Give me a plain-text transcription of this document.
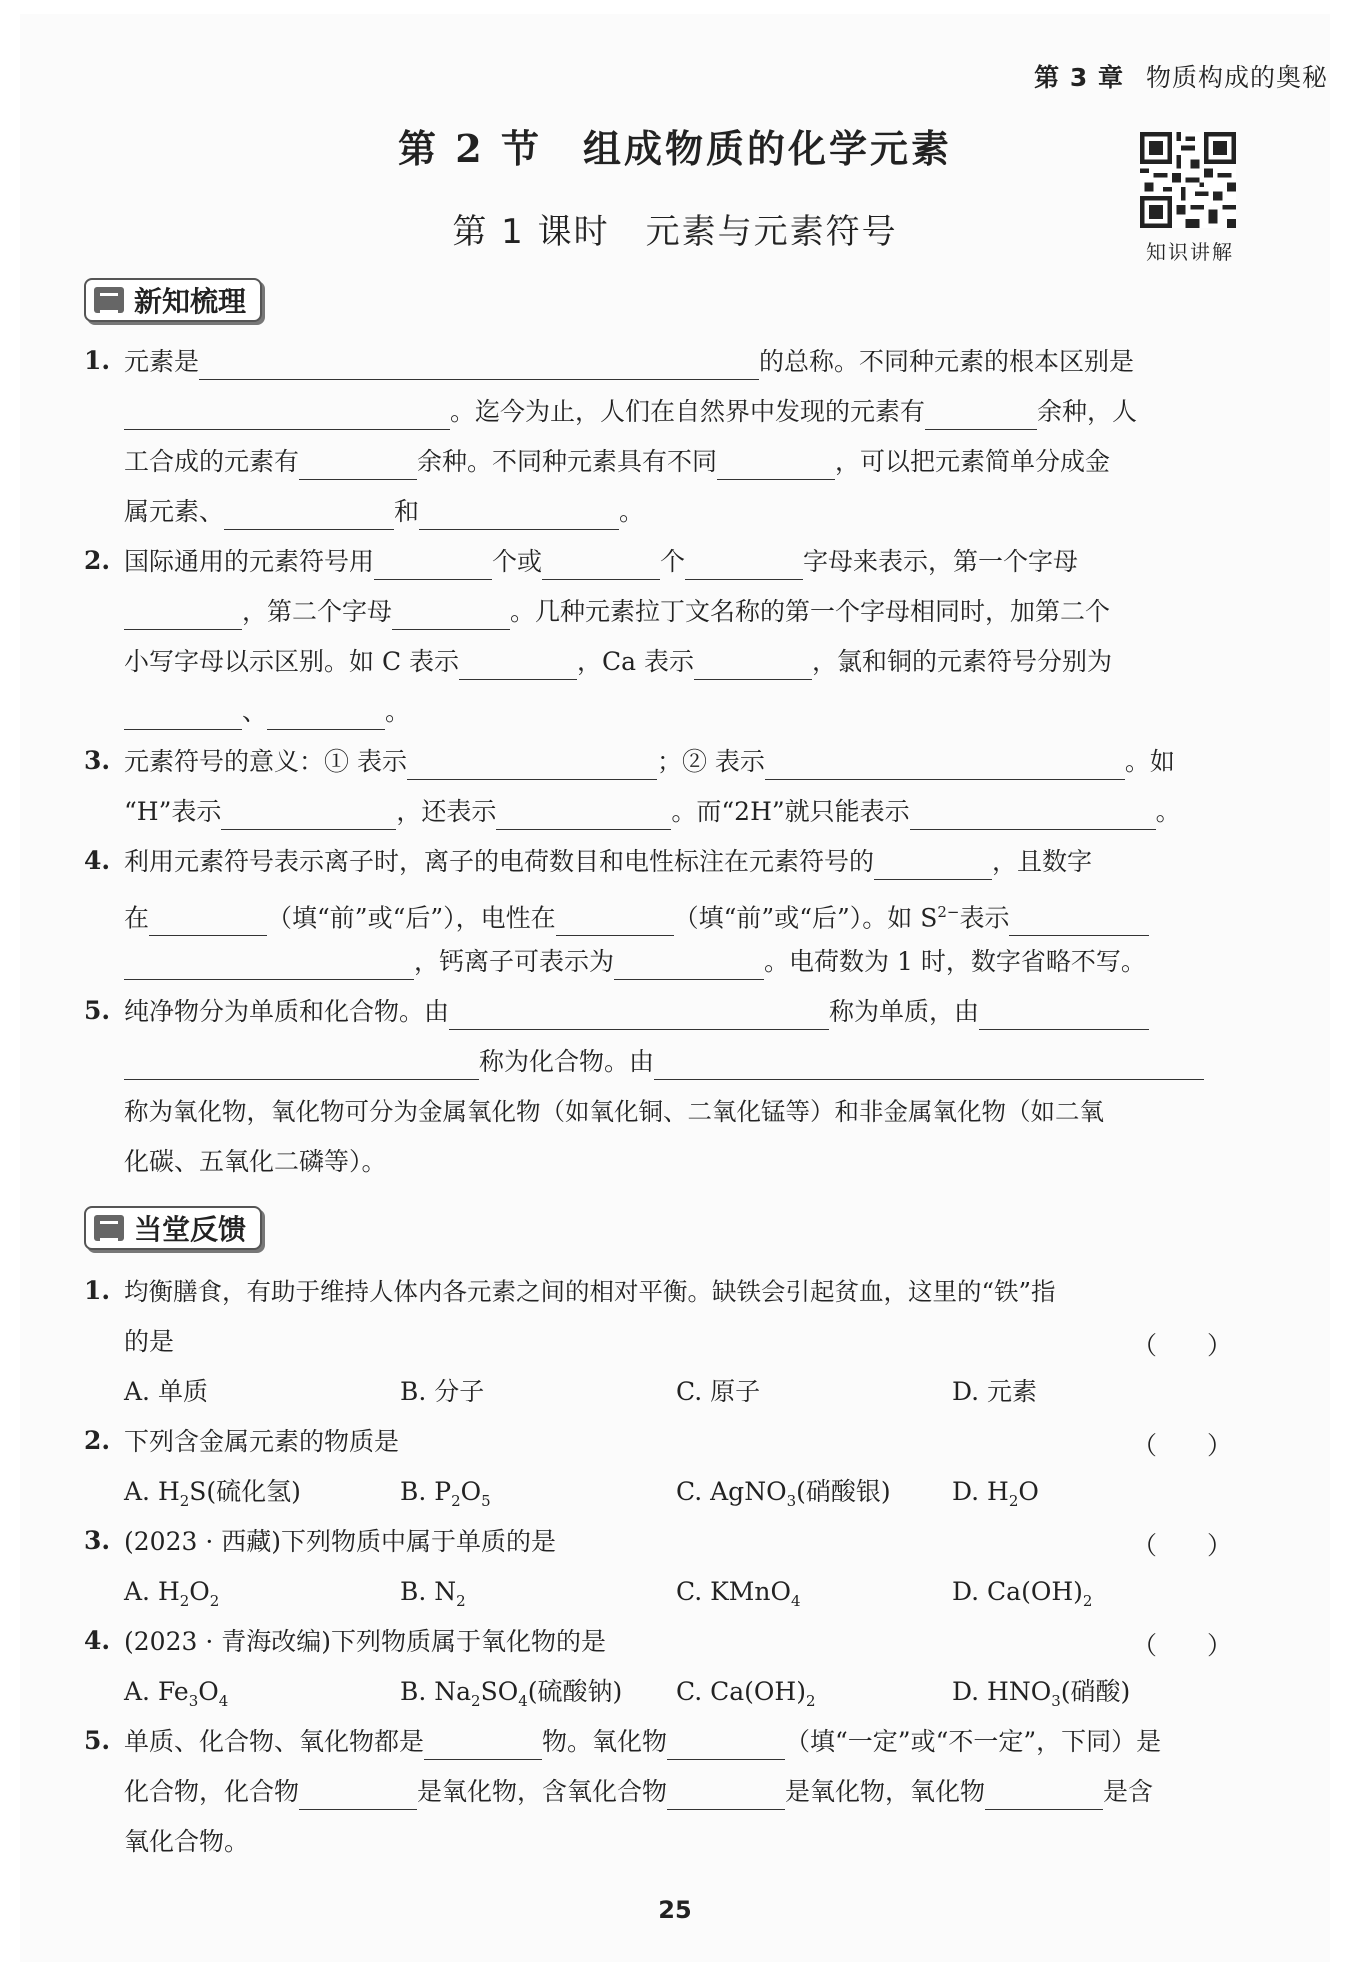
第 3 章 物质构成的奥秘
第 2 节　组成物质的化学元素
第 1 课时　元素与元素符号	知识讲解
新知梳理
1. 元素是	的总称。不同种元素的根本区别是
。迄今为止，人们在自然界中发现的元素有	余种，人
工合成的元素有	余种。不同种元素具有不同	，可以把元素简单分成金
属元素、	和	。
2. 国际通用的元素符号用	个或	个	字母来表示，第一个字母
，第二个字母	。几种元素拉丁文名称的第一个字母相同时，加第二个
小写字母以示区别。如 C 表示	，Ca 表示	，氯和铜的元素符号分别为
、	。
3. 元素符号的意义：① 表示	；② 表示	。如
“H”表示	，还表示	。而“2H”就只能表示	。
4. 利用元素符号表示离子时，离子的电荷数目和电性标注在元素符号的	，且数字
在	（填“前”或“后”），电性在	（填“前”或“后”）。如 $S^{2-}$表示
，钙离子可表示为	。电荷数为 1 时，数字省略不写。
5. 纯净物分为单质和化合物。由	称为单质，由
称为化合物。由
称为氧化物，氧化物可分为金属氧化物（如氧化铜、二氧化锰等）和非金属氧化物（如二氧
化碳、五氧化二磷等）。
当堂反馈
1. 均衡膳食，有助于维持人体内各元素之间的相对平衡。缺铁会引起贫血，这里的“铁”指
的是	（　　）
A. 单质	B. 分子	C. 原子	D. 元素
2. 下列含金属元素的物质是	（　　）
A. $H_2S$(硫化氢)	B. $P_2O_5$	C. AgNO$_3$(硝酸银) D. $H_2O$
3. (2023 · 西藏)下列物质中属于单质的是	（　　）
A. $H_2O_2$	B. $N_2$	C. KMnO$_4$	D. $Ca(OH)_2$
4. (2023 · 青海改编)下列物质属于氧化物的是	（　　）
A. $Fe_3O_4$	B. $Na_2SO_4$(硫酸钠) C. $Ca(OH)_2$	D. $HNO_3$(硝酸)
5. 单质、化合物、氧化物都是	物。氧化物	（填“一定”或“不一定”，下同）是
化合物，化合物	是氧化物，含氧化合物	是氧化物，氧化物	是含
氧化合物。
25
